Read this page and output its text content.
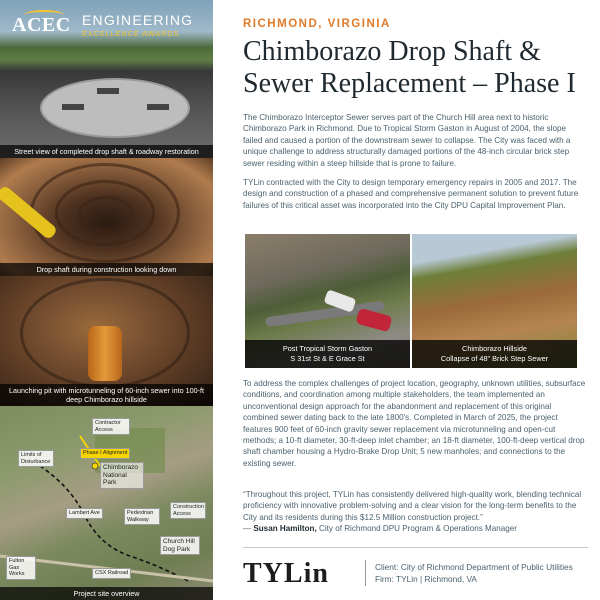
ACEC ENGINEERING
EXCELLENCE AWARDS
Street view of completed drop shaft & roadway restoration
Drop shaft during construction looking down
Launching pit with microtunneling of 60-inch sewer into 100-ft deep Chimborazo hillside
Phase I Alignment
Contractor Access
Limits of Disturbance
Chimborazo National Park
Lambert Ave	Pedestrian Walkway
Construction Access
Church Hill Dog Park
Fulton Gas Works	CSX Railroad
Project site overview
RICHMOND, VIRGINIA
Chimborazo Drop Shaft & Sewer Replacement – Phase I

The Chimborazo Interceptor Sewer serves part of the Church Hill area next to historic Chimborazo Park in Richmond. Due to Tropical Storm Gaston in August of 2004, the slope failed and caused a portion of the downstream sewer to collapse. The City was faced with a unique challenge to address structurally damaged portions of the 48-inch circular brick step sewer residing within a steep hillside that is prone to failure.

TYLin contracted with the City to design temporary emergency repairs in 2005 and 2017. The design and construction of a phased and comprehensive permanent solution to prevent future failures of this critical asset was incorporated into the City DPU Capital Improvement Plan.

Post Tropical Storm Gaston
S 31st St & E Grace St
Chimborazo Hillside
Collapse of 48" Brick Step Sewer

To address the complex challenges of project location, geography, unknown utilities, subsurface conditions, and coordination among multiple stakeholders, the team implemented an unconventional design approach for the abandonment and replacement of this original combined sewer dating back to the late 1800's. Completed in March of 2025, the project features 900 feet of 60-inch gravity sewer replacement via microtunneling and open-cut methods; a 10-ft diameter, 30-ft-deep inlet chamber; an 18-ft diameter, 100-ft-deep vertical drop shaft chamber housing a Hydro-Brake Drop Unit; 5 new manholes; and connections to the existing sewer.

“Throughout this project, TYLin has consistently delivered high-quality work, blending technical proficiency with innovative problem-solving and a clear vision for the long-term benefits to the City and its residents during this $12.5 Million construction project.”

— Susan Hamilton, City of Richmond DPU Program & Operations Manager

TYLin	Client: City of Richmond Department of Public Utilities
Firm: TYLin | Richmond, VA
